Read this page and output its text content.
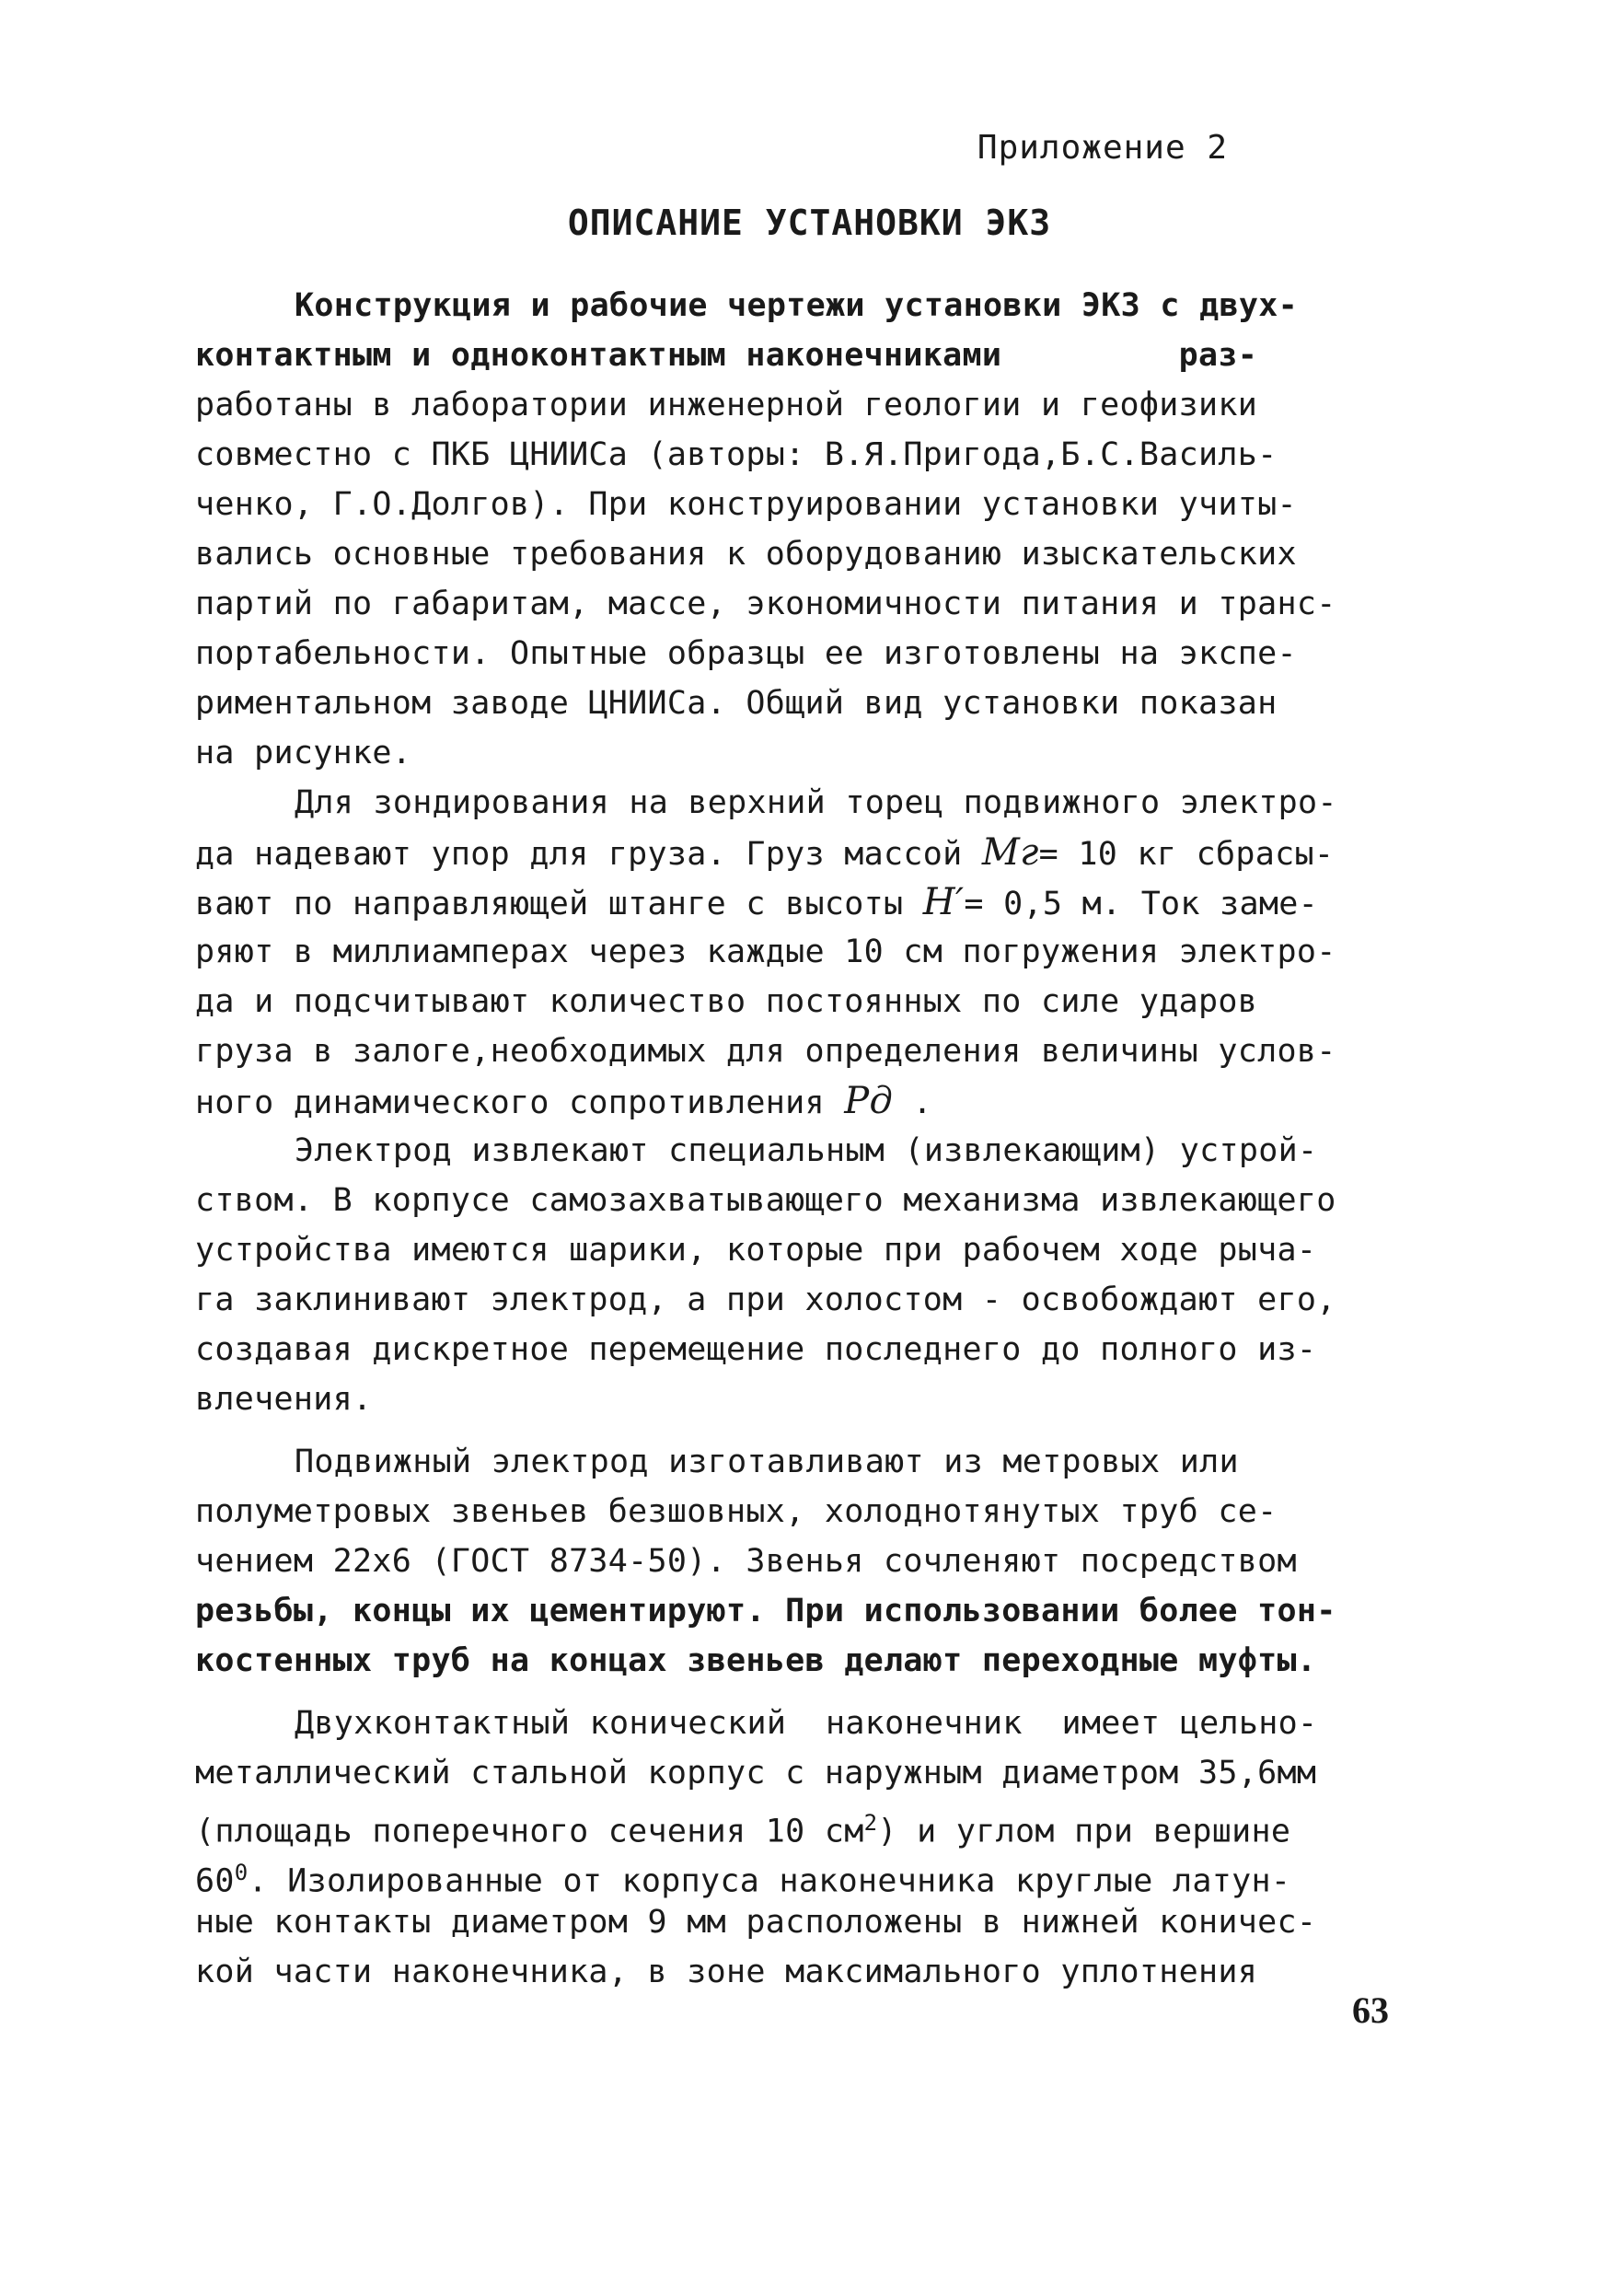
Приложение 2
ОПИСАНИЕ УСТАНОВКИ ЭКЗ
Конструкция и рабочие чертежи установки ЭКЗ с двух-
контактным и одноконтактным наконечниками         раз-
работаны в лаборатории инженерной геологии и геофизики
совместно с ПКБ ЦНИИСа (авторы: В.Я.Пригода,Б.С.Василь-
ченко, Г.О.Долгов). При конструировании установки учиты-
вались основные требования к оборудованию изыскательских
партий по габаритам, массе, экономичности питания и транс-
портабельности. Опытные образцы ее изготовлены на экспе-
риментальном заводе ЦНИИСа. Общий вид установки показан
на рисунке.
Для зондирования на верхний торец подвижного электро-
да надевают упор для груза. Груз массой Mг= 10 кг сбрасы-
вают по направляющей штанге с высоты H′= 0,5 м. Ток заме-
ряют в миллиамперах через каждые 10 см погружения электро-
да и подсчитывают количество постоянных по силе ударов
груза в залоге,необходимых для определения величины услов-
ного динамического сопротивления Pд .
Электрод извлекают специальным (извлекающим) устрой-
ством. В корпусе самозахватывающего механизма извлекающего
устройства имеются шарики, которые при рабочем ходе рыча-
га заклинивают электрод, а при холостом - освобождают его,
создавая дискретное перемещение последнего до полного из-
влечения.
Подвижный электрод изготавливают из метровых или
полуметровых звеньев безшовных, холоднотянутых труб се-
чением 22х6 (ГОСТ 8734-50). Звенья сочленяют посредством
резьбы, концы их цементируют. При использовании более тон-
костенных труб на концах звеньев делают переходные муфты.
Двухконтактный конический  наконечник  имеет цельно-
металлический стальной корпус с наружным диаметром 35,6мм
(площадь поперечного сечения 10 $см^2$) и углом при вершине
$60^0$. Изолированные от корпуса наконечника круглые латун-
ные контакты диаметром 9 мм расположены в нижней коничес-
кой части наконечника, в зоне максимального уплотнения
63
